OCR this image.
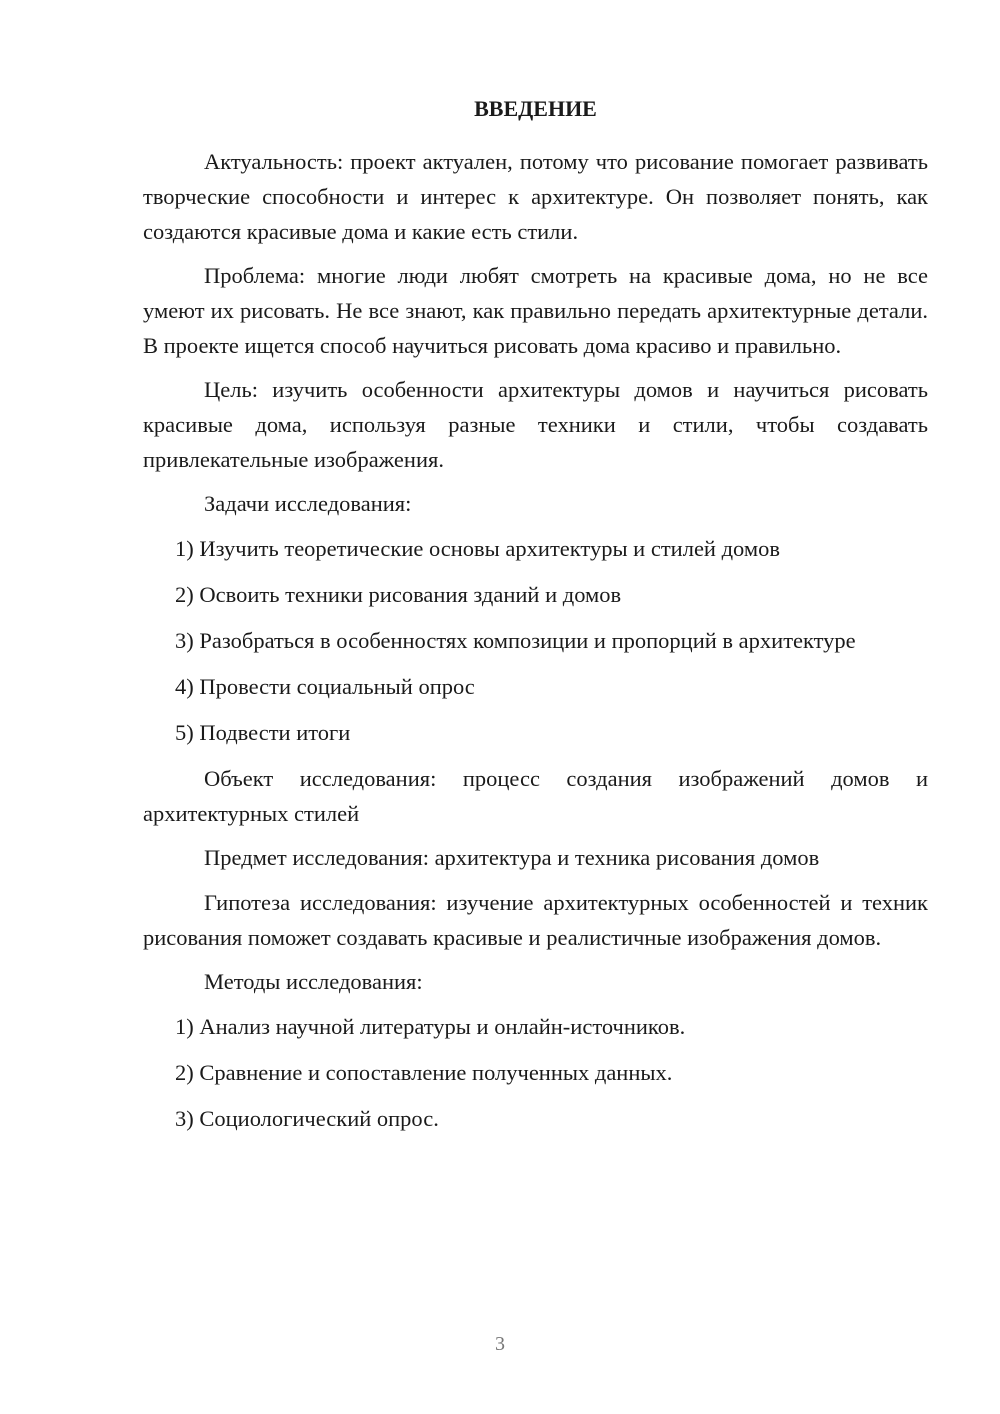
ВВЕДЕНИЕ

Актуальность: проект актуален, потому что рисование помогает развивать творческие способности и интерес к архитектуре. Он позволяет понять, как создаются красивые дома и какие есть стили.

Проблема: многие люди любят смотреть на красивые дома, но не все умеют их рисовать. Не все знают, как правильно передать архитектурные детали. В проекте ищется способ научиться рисовать дома красиво и правильно.

Цель: изучить особенности архитектуры домов и научиться рисовать красивые дома, используя разные техники и стили, чтобы создавать привлекательные изображения.

Задачи исследования:
1) Изучить теоретические основы архитектуры и стилей домов
2) Освоить техники рисования зданий и домов
3) Разобраться в особенностях композиции и пропорций в архитектуре
4) Провести социальный опрос
5) Подвести итоги

Объект исследования: процесс создания изображений домов и архитектурных стилей

Предмет исследования: архитектура и техника рисования домов

Гипотеза исследования: изучение архитектурных особенностей и техник рисования поможет создавать красивые и реалистичные изображения домов.

Методы исследования:
1) Анализ научной литературы и онлайн-источников.
2) Сравнение и сопоставление полученных данных.
3) Социологический опрос.
3
